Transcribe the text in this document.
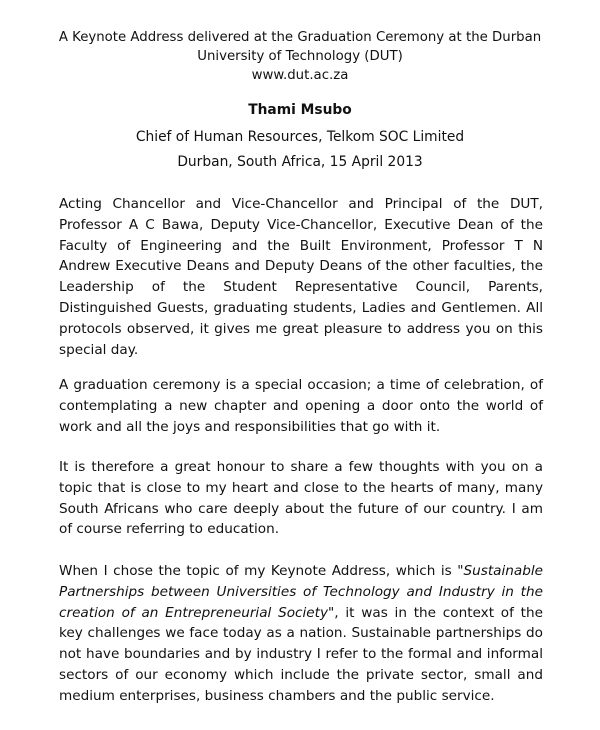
A Keynote Address delivered at the Graduation Ceremony at the Durban
University of Technology (DUT)
www.dut.ac.za
Thami Msubo
Chief of Human Resources, Telkom SOC Limited
Durban, South Africa, 15 April 2013

Acting Chancellor and Vice-Chancellor and Principal of the DUT, Professor A C Bawa, Deputy Vice-Chancellor, Executive Dean of the Faculty of Engineering and the Built Environment, Professor T N Andrew Executive Deans and Deputy Deans of the other faculties, the Leadership of the Student Representative Council, Parents, Distinguished Guests, graduating students, Ladies and Gentlemen. All protocols observed, it gives me great pleasure to address you on this special day.

A graduation ceremony is a special occasion; a time of celebration, of contemplating a new chapter and opening a door onto the world of work and all the joys and responsibilities that go with it.

It is therefore a great honour to share a few thoughts with you on a topic that is close to my heart and close to the hearts of many, many South Africans who care deeply about the future of our country. I am of course referring to education.

When I chose the topic of my Keynote Address, which is "Sustainable Partnerships between Universities of Technology and Industry in the creation of an Entrepreneurial Society", it was in the context of the key challenges we face today as a nation. Sustainable partnerships do not have boundaries and by industry I refer to the formal and informal sectors of our economy which include the private sector, small and medium enterprises, business chambers and the public service.
